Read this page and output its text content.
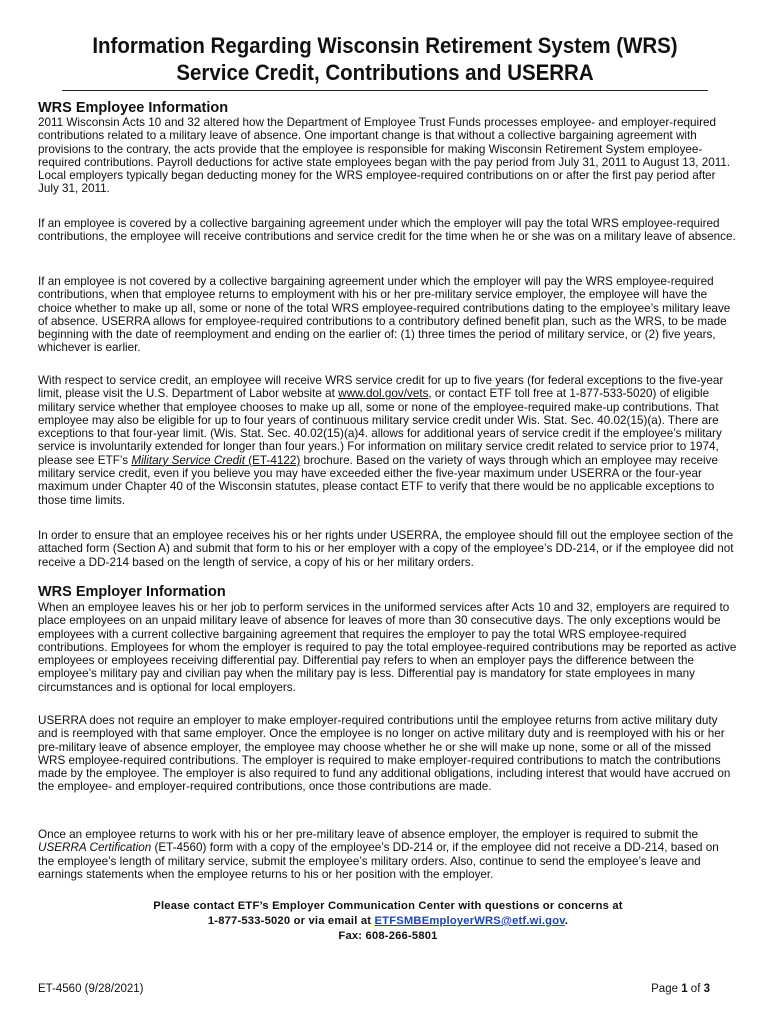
Information Regarding Wisconsin Retirement System (WRS)
Service Credit, Contributions and USERRA
WRS Employee Information
2011 Wisconsin Acts 10 and 32 altered how the Department of Employee Trust Funds processes employee- and employer-required contributions related to a military leave of absence. One important change is that without a collective bargaining agreement with provisions to the contrary, the acts provide that the employee is responsible for making Wisconsin Retirement System employee-required contributions. Payroll deductions for active state employees began with the pay period from July 31, 2011 to August 13, 2011. Local employers typically began deducting money for the WRS employee-required contributions on or after the first pay period after July 31, 2011.
If an employee is covered by a collective bargaining agreement under which the employer will pay the total WRS employee-required contributions, the employee will receive contributions and service credit for the time when he or she was on a military leave of absence.
If an employee is not covered by a collective bargaining agreement under which the employer will pay the WRS employee-required contributions, when that employee returns to employment with his or her pre-military service employer, the employee will have the choice whether to make up all, some or none of the total WRS employee-required contributions dating to the employee’s military leave of absence. USERRA allows for employee-required contributions to a contributory defined benefit plan, such as the WRS, to be made beginning with the date of reemployment and ending on the earlier of: (1) three times the period of military service, or (2) five years, whichever is earlier.
With respect to service credit, an employee will receive WRS service credit for up to five years (for federal exceptions to the five-year limit, please visit the U.S. Department of Labor website at www.dol.gov/vets, or contact ETF toll free at 1-877-533-5020) of eligible military service whether that employee chooses to make up all, some or none of the employee-required make-up contributions. That employee may also be eligible for up to four years of continuous military service credit under Wis. Stat. Sec. 40.02(15)(a). There are exceptions to that four-year limit. (Wis. Stat. Sec. 40.02(15)(a)4. allows for additional years of service credit if the employee’s military service is involuntarily extended for longer than four years.) For information on military service credit related to service prior to 1974, please see ETF’s Military Service Credit (ET-4122) brochure. Based on the variety of ways through which an employee may receive military service credit, even if you believe you may have exceeded either the five-year maximum under USERRA or the four-year maximum under Chapter 40 of the Wisconsin statutes, please contact ETF to verify that there would be no applicable exceptions to those time limits.
In order to ensure that an employee receives his or her rights under USERRA, the employee should fill out the employee section of the attached form (Section A) and submit that form to his or her employer with a copy of the employee’s DD-214, or if the employee did not receive a DD-214 based on the length of service, a copy of his or her military orders.
WRS Employer Information
When an employee leaves his or her job to perform services in the uniformed services after Acts 10 and 32, employers are required to place employees on an unpaid military leave of absence for leaves of more than 30 consecutive days. The only exceptions would be employees with a current collective bargaining agreement that requires the employer to pay the total WRS employee-required contributions. Employees for whom the employer is required to pay the total employee-required contributions may be reported as active employees or employees receiving differential pay. Differential pay refers to when an employer pays the difference between the employee’s military pay and civilian pay when the military pay is less. Differential pay is mandatory for state employees in many circumstances and is optional for local employers.
USERRA does not require an employer to make employer-required contributions until the employee returns from active military duty and is reemployed with that same employer. Once the employee is no longer on active military duty and is reemployed with his or her pre-military leave of absence employer, the employee may choose whether he or she will make up none, some or all of the missed WRS employee-required contributions. The employer is required to make employer-required contributions to match the contributions made by the employee. The employer is also required to fund any additional obligations, including interest that would have accrued on the employee- and employer-required contributions, once those contributions are made.
Once an employee returns to work with his or her pre-military leave of absence employer, the employer is required to submit the USERRA Certification (ET-4560) form with a copy of the employee’s DD-214 or, if the employee did not receive a DD-214, based on the employee’s length of military service, submit the employee’s military orders. Also, continue to send the employee’s leave and earnings statements when the employee returns to his or her position with the employer.
Please contact ETF’s Employer Communication Center with questions or concerns at
1-877-533-5020 or via email at ETFSMBEmployerWRS@etf.wi.gov.
Fax: 608-266-5801
ET-4560 (9/28/2021)	Page 1 of 3
